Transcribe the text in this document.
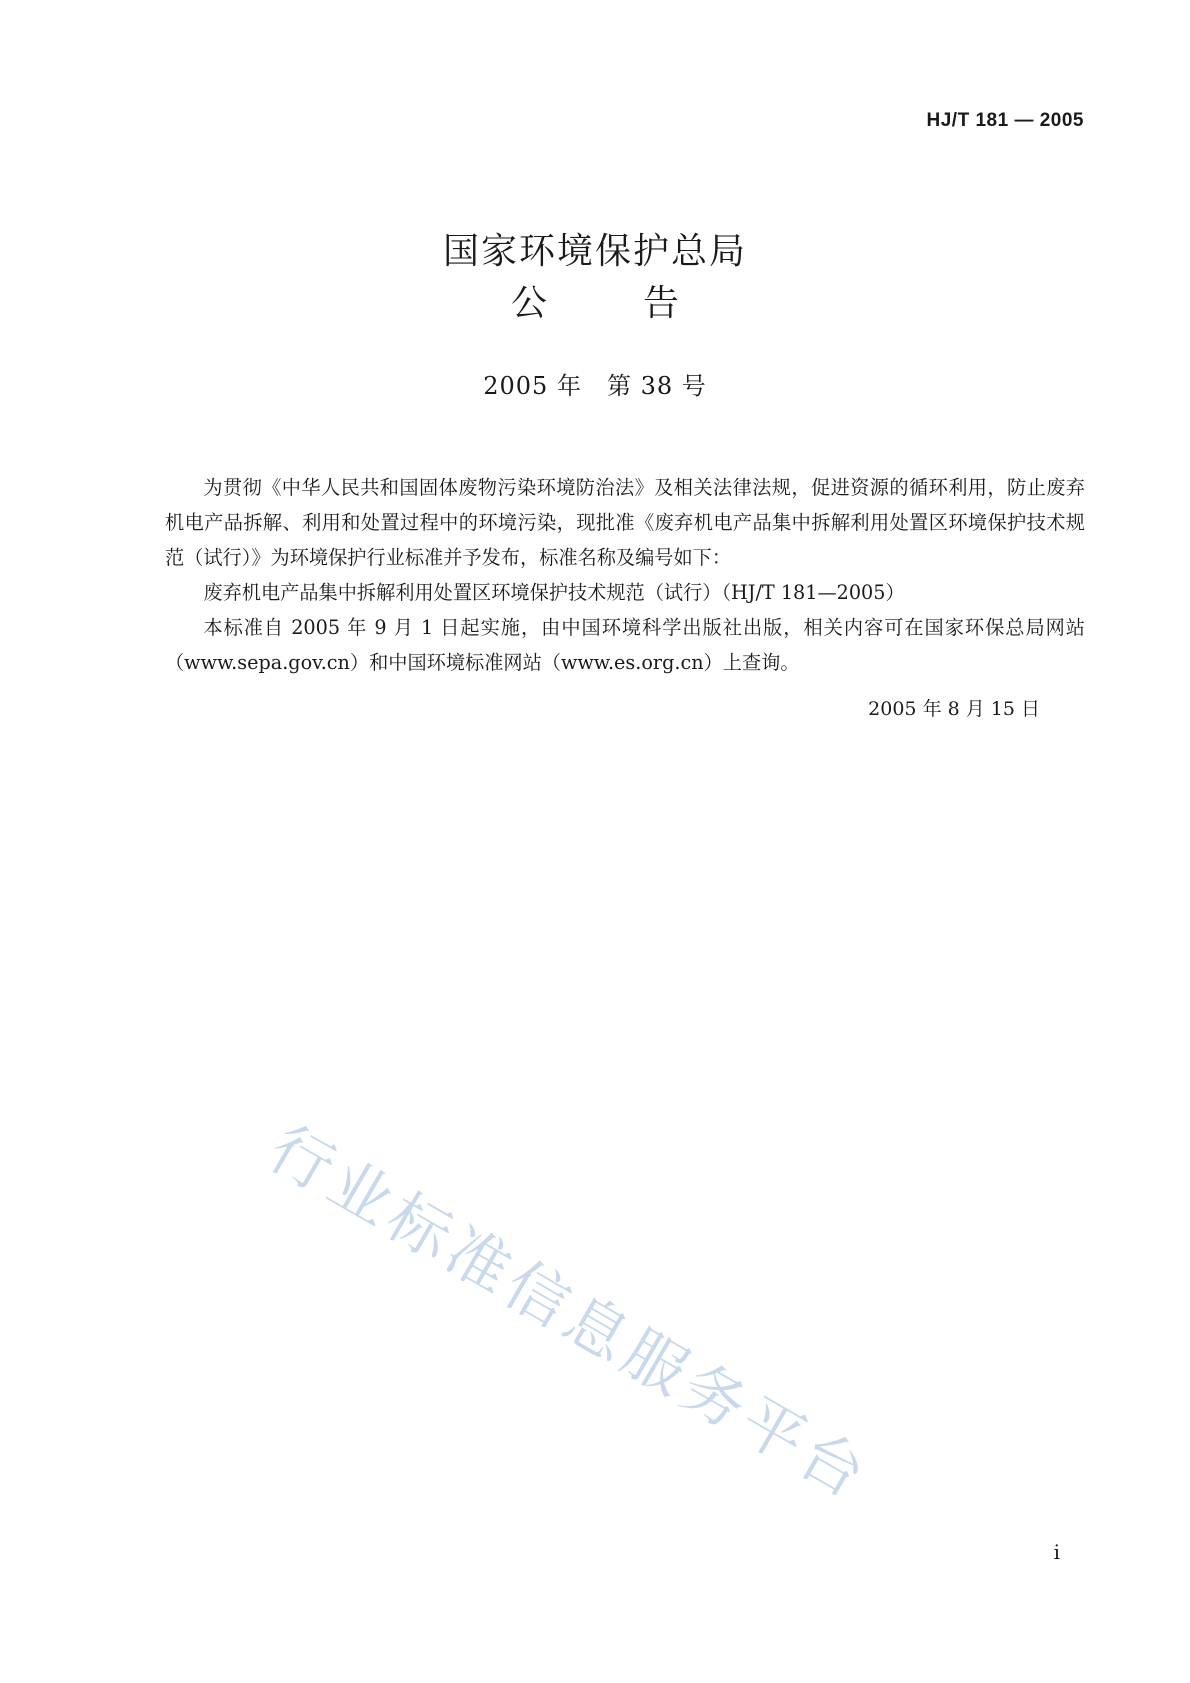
HJ/T 181 — 2005
国家环境保护总局
公告
2005 年　第 38 号

为贯彻《中华人民共和国固体废物污染环境防治法》及相关法律法规，促进资源的循环利用，防止废弃机电产品拆解、利用和处置过程中的环境污染，现批准《废弃机电产品集中拆解利用处置区环境保护技术规范（试行）》为环境保护行业标准并予发布，标准名称及编号如下：

废弃机电产品集中拆解利用处置区环境保护技术规范（试行）（HJ/T 181—2005）

本标准自 2005 年 9 月 1 日起实施，由中国环境科学出版社出版，相关内容可在国家环保总局网站（www.sepa.gov.cn）和中国环境标准网站（www.es.org.cn）上查询。

2005 年 8 月 15 日
行业标准信息服务平台
i
